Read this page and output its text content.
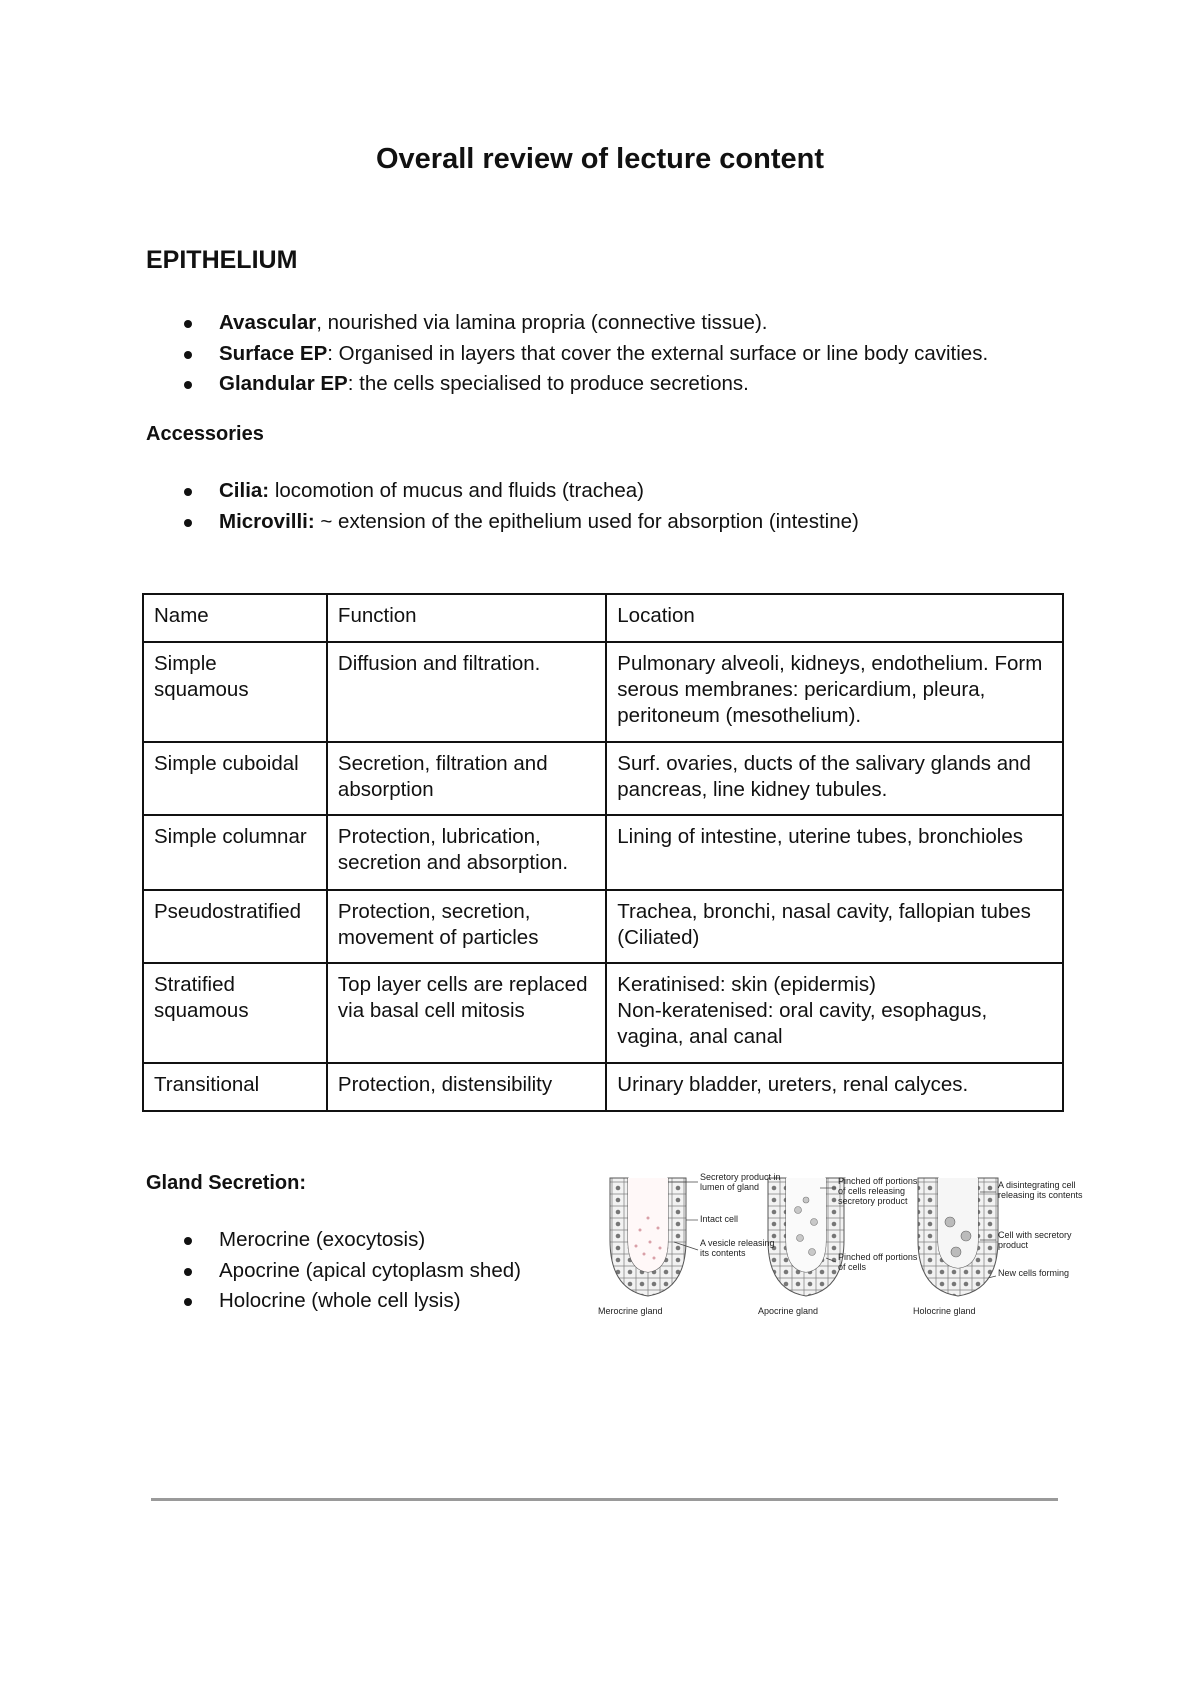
Overall review of lecture content
EPITHELIUM
Avascular, nourished via lamina propria (connective tissue).
Surface EP: Organised in layers that cover the external surface or line body cavities.
Glandular EP: the cells specialised to produce secretions.
Accessories
Cilia: locomotion of mucus and fluids (trachea)
Microvilli: ~ extension of the epithelium used for absorption (intestine)
Name	Function	Location
Simple squamous	Diffusion and filtration.	Pulmonary alveoli, kidneys, endothelium. Form serous membranes: pericardium, pleura, peritoneum (mesothelium).
Simple cuboidal	Secretion, filtration and absorption	Surf. ovaries, ducts of the salivary glands and pancreas, line kidney tubules.
Simple columnar	Protection, lubrication, secretion and absorption.	Lining of intestine, uterine tubes, bronchioles
Pseudostratified	Protection, secretion, movement of particles	Trachea, bronchi, nasal cavity, fallopian tubes (Ciliated)
Stratified squamous	Top layer cells are replaced via basal cell mitosis	Keratinised: skin (epidermis)
Non-keratenised: oral cavity, esophagus, vagina, anal canal
Transitional	Protection, distensibility	Urinary bladder, ureters, renal calyces.
Gland Secretion:
Merocrine (exocytosis)
Apocrine (apical cytoplasm shed)
Holocrine (whole cell lysis)
Secretory product in lumen of gland
Intact cell
A vesicle releasing its contents
Pinched off portions of cells releasing secretory product
Pinched off portions of cells
A disintegrating cell releasing its contents
Cell with secretory product
New cells forming
Merocrine gland	Apocrine gland	Holocrine gland
